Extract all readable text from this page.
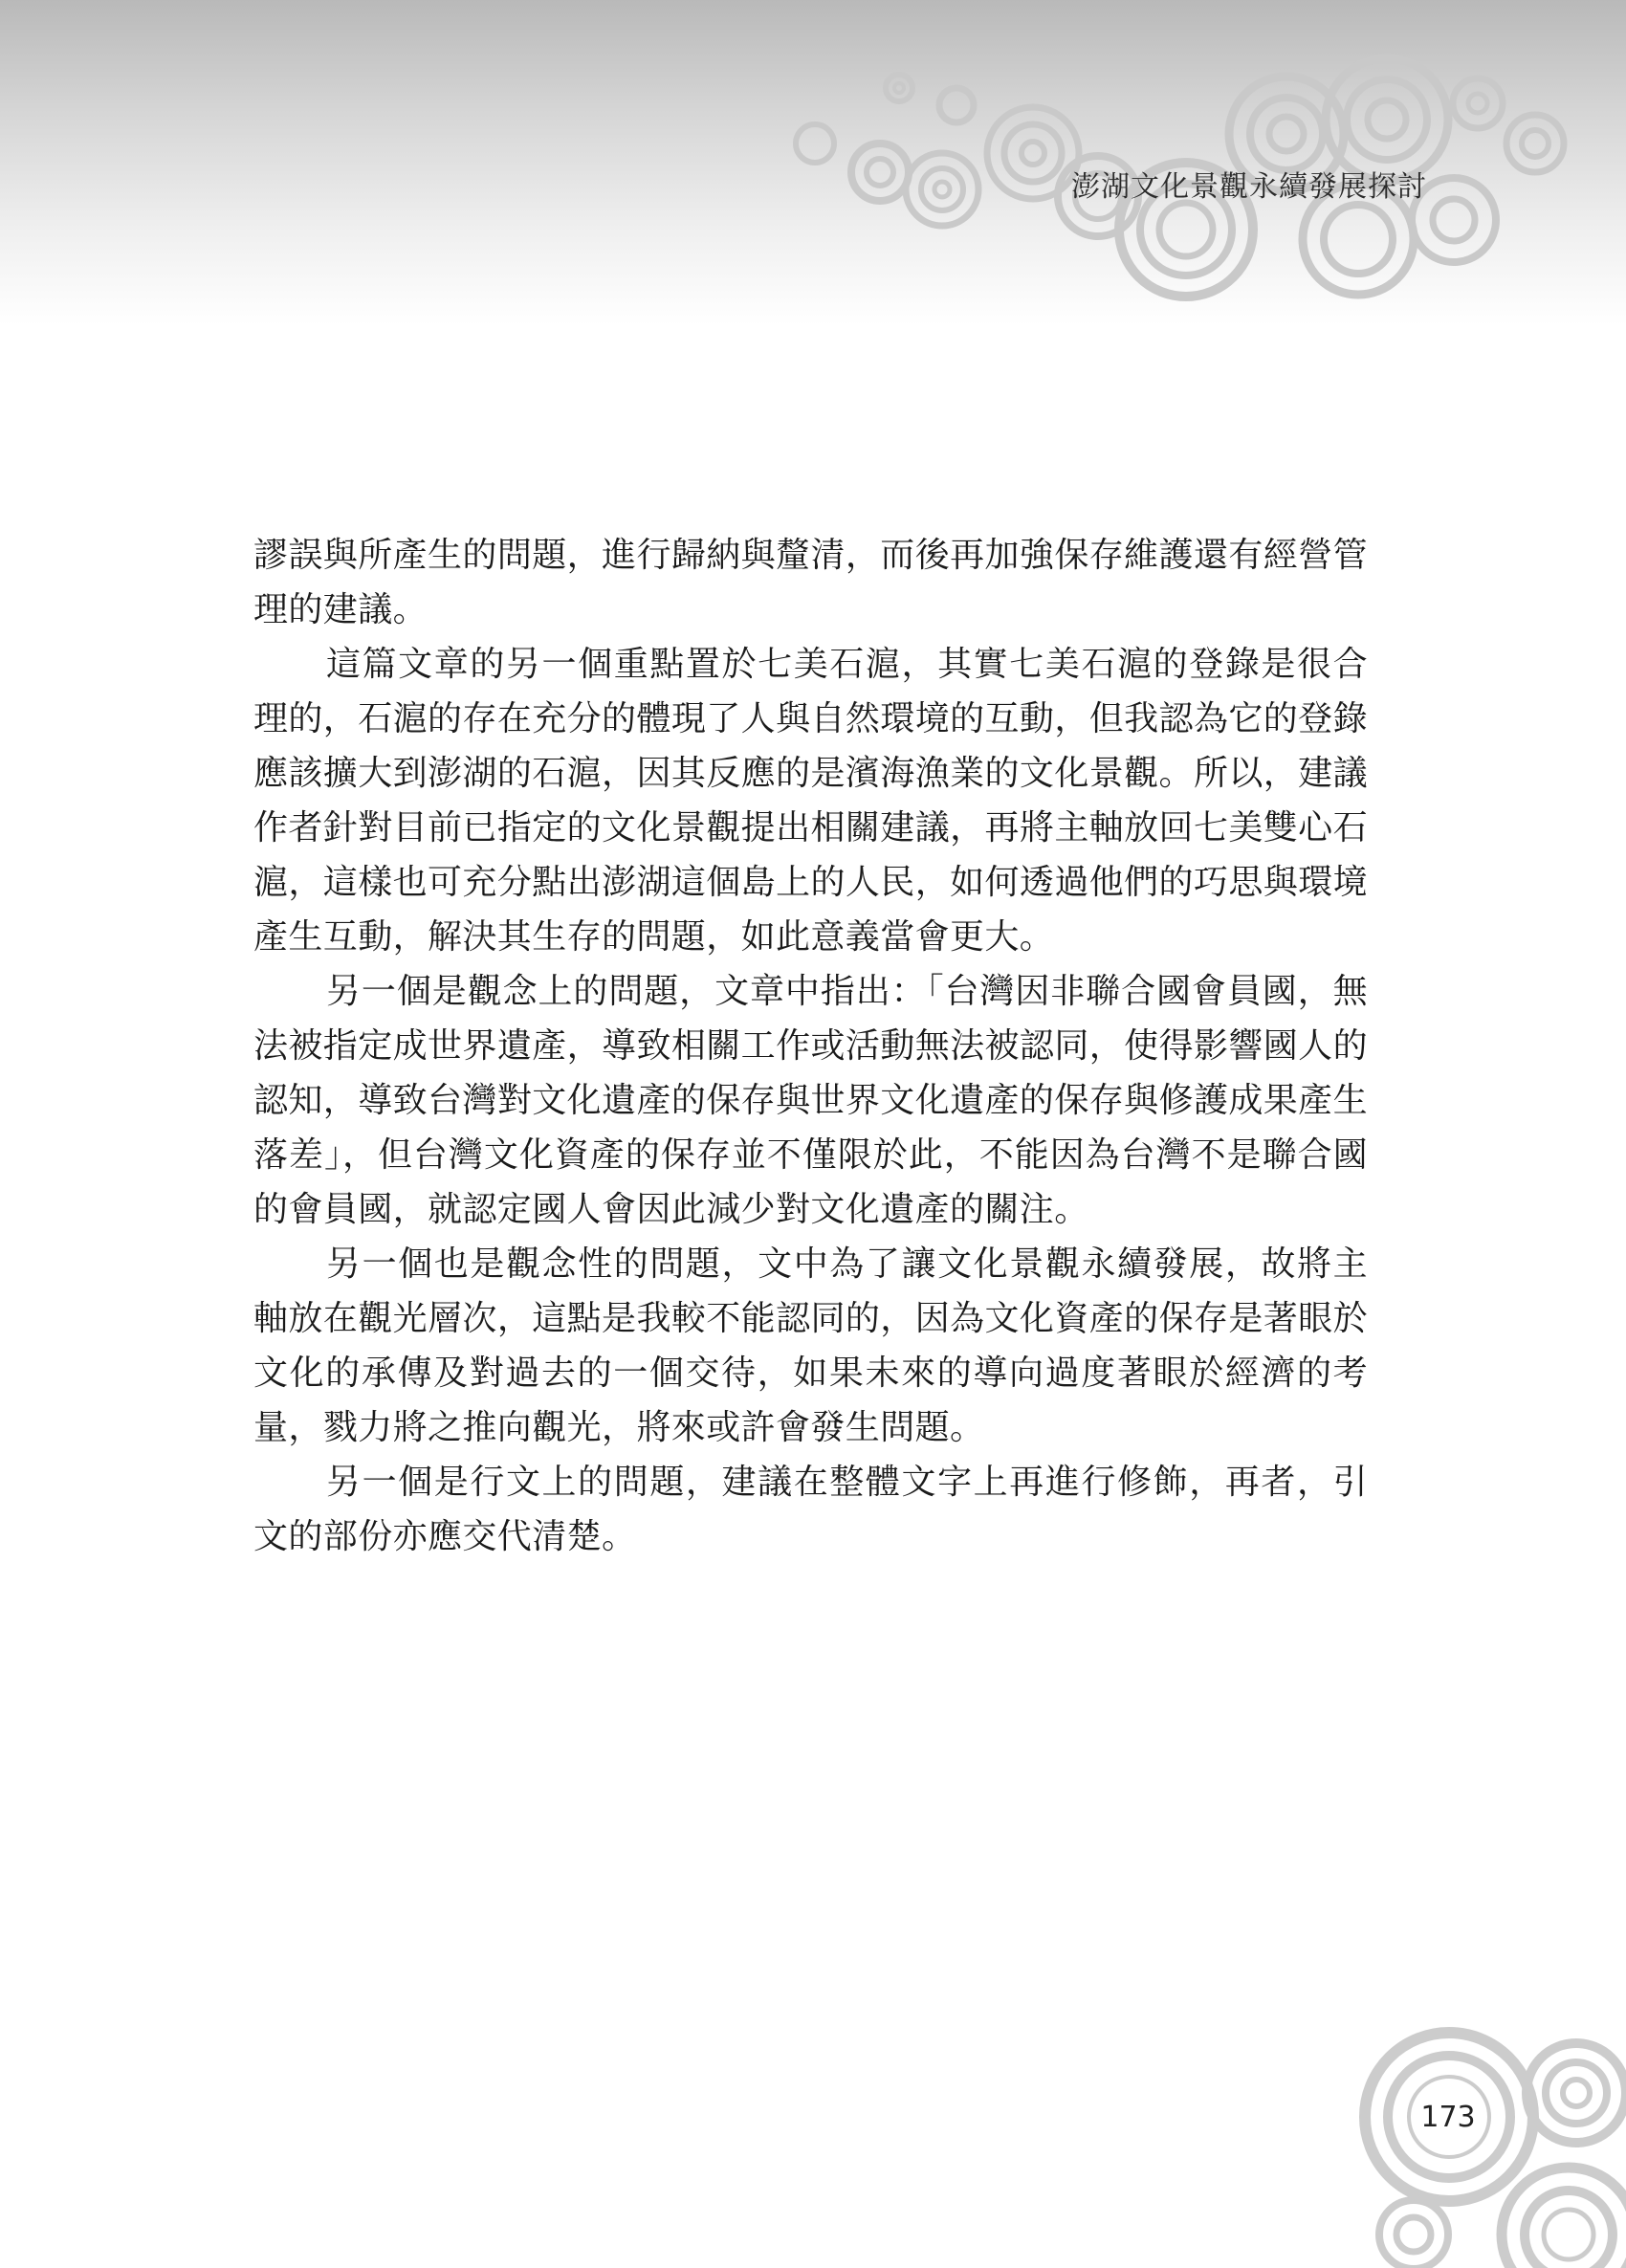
澎湖文化景觀永續發展探討

謬誤與所產生的問題，進行歸納與釐清，而後再加強保存維護還有經營管理的建議。

這篇文章的另一個重點置於七美石滬，其實七美石滬的登錄是很合理的，石滬的存在充分的體現了人與自然環境的互動，但我認為它的登錄應該擴大到澎湖的石滬，因其反應的是濱海漁業的文化景觀。所以，建議作者針對目前已指定的文化景觀提出相關建議，再將主軸放回七美雙心石滬，這樣也可充分點出澎湖這個島上的人民，如何透過他們的巧思與環境產生互動，解決其生存的問題，如此意義當會更大。

另一個是觀念上的問題，文章中指出：「台灣因非聯合國會員國，無法被指定成世界遺產，導致相關工作或活動無法被認同，使得影響國人的認知，導致台灣對文化遺產的保存與世界文化遺產的保存與修護成果產生落差」，但台灣文化資產的保存並不僅限於此，不能因為台灣不是聯合國的會員國，就認定國人會因此減少對文化遺產的關注。

另一個也是觀念性的問題，文中為了讓文化景觀永續發展，故將主軸放在觀光層次，這點是我較不能認同的，因為文化資產的保存是著眼於文化的承傳及對過去的一個交待，如果未來的導向過度著眼於經濟的考量，戮力將之推向觀光，將來或許會發生問題。

另一個是行文上的問題，建議在整體文字上再進行修飾，再者，引文的部份亦應交代清楚。

173
